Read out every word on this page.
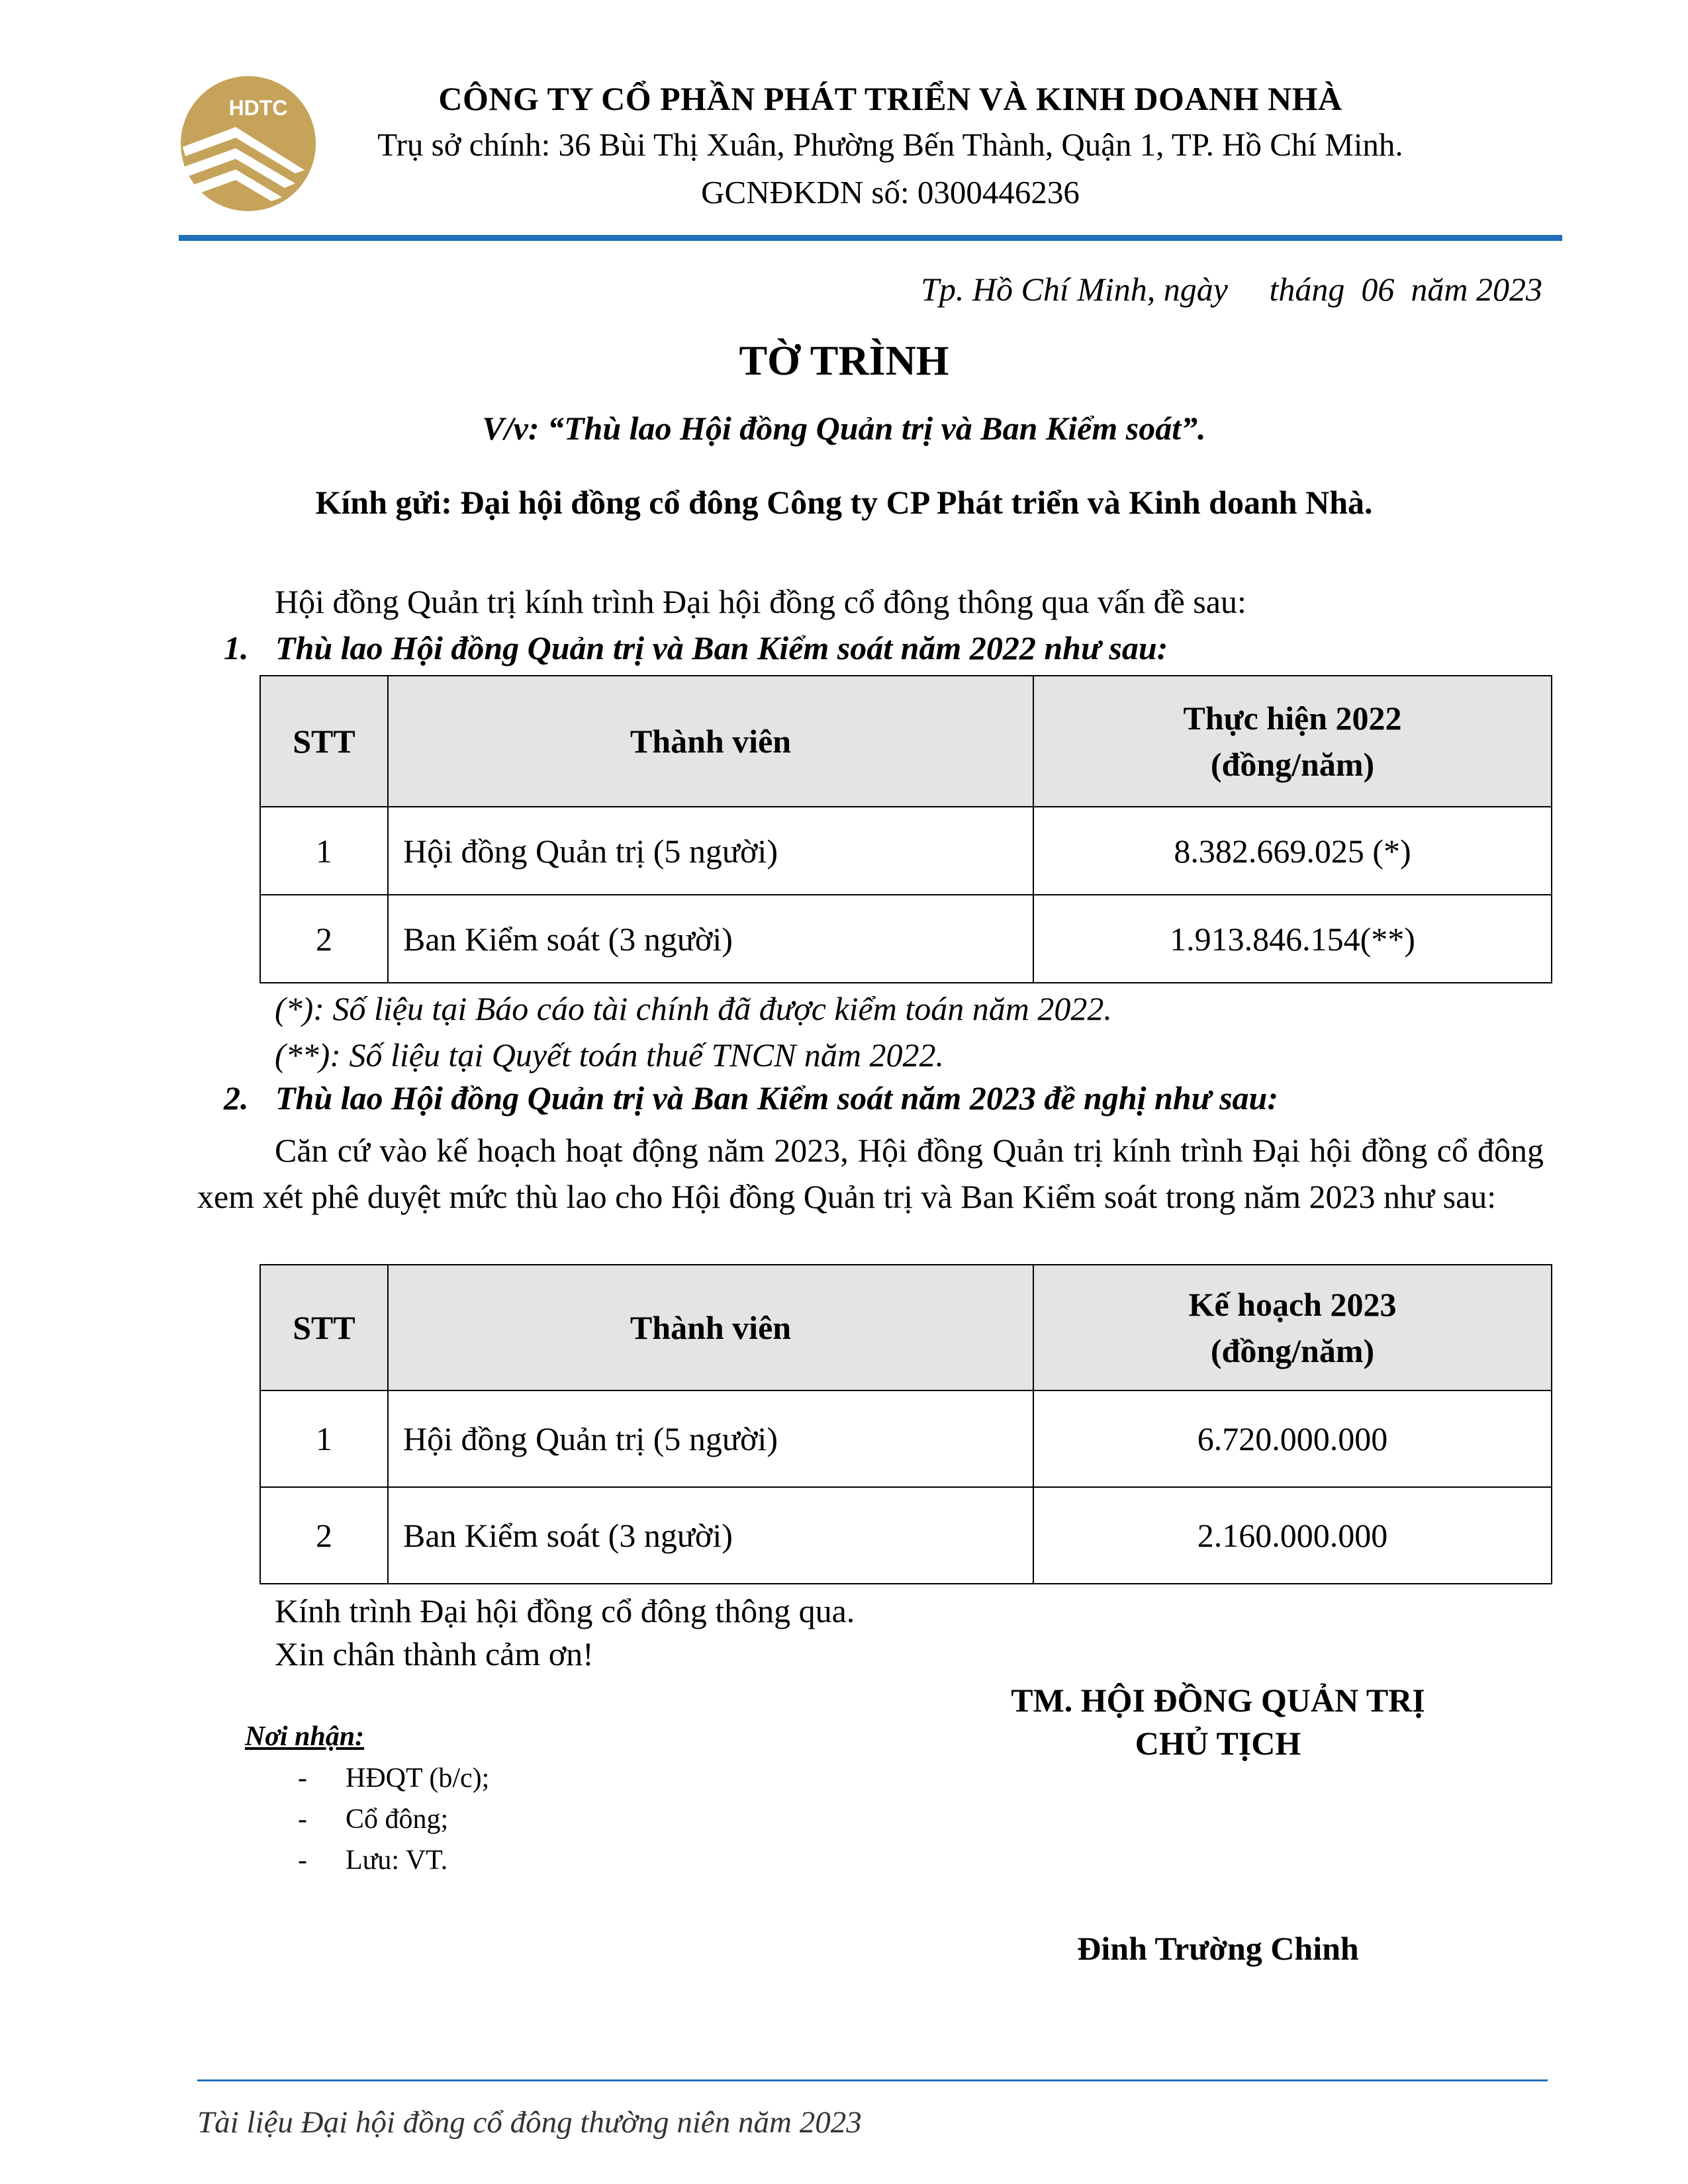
HDTC	CÔNG TY CỔ PHẦN PHÁT TRIỂN VÀ KINH DOANH NHÀ
Trụ sở chính: 36 Bùi Thị Xuân, Phường Bến Thành, Quận 1, TP. Hồ Chí Minh.
GCNĐKDN số: 0300446236
Tp. Hồ Chí Minh, ngày     tháng  06  năm 2023
TỜ TRÌNH
V/v: “Thù lao Hội đồng Quản trị và Ban Kiểm soát”.
Kính gửi: Đại hội đồng cổ đông Công ty CP Phát triển và Kinh doanh Nhà.
Hội đồng Quản trị kính trình Đại hội đồng cổ đông thông qua vấn đề sau:
1. Thù lao Hội đồng Quản trị và Ban Kiểm soát năm 2022 như sau:
STT	Thành viên	Thực hiện 2022
(đồng/năm)
1	Hội đồng Quản trị (5 người)	8.382.669.025 (*)
2	Ban Kiểm soát (3 người)	1.913.846.154(**)
(*): Số liệu tại Báo cáo tài chính đã được kiểm toán năm 2022.
(**): Số liệu tại Quyết toán thuế TNCN năm 2022.
2. Thù lao Hội đồng Quản trị và Ban Kiểm soát năm 2023 đề nghị như sau:
Căn cứ vào kế hoạch hoạt động năm 2023, Hội đồng Quản trị kính trình Đại hội đồng cổ đông xem xét phê duyệt mức thù lao cho Hội đồng Quản trị và Ban Kiểm soát trong năm 2023 như sau:
STT	Thành viên	Kế hoạch 2023
(đồng/năm)
1	Hội đồng Quản trị (5 người)	6.720.000.000
2	Ban Kiểm soát (3 người)	2.160.000.000
Kính trình Đại hội đồng cổ đông thông qua.
Xin chân thành cảm ơn!
TM. HỘI ĐỒNG QUẢN TRỊ
CHỦ TỊCH
Đinh Trường Chinh
Nơi nhận:
- HĐQT (b/c);
- Cổ đông;
- Lưu: VT.
Tài liệu Đại hội đồng cổ đông thường niên năm 2023
